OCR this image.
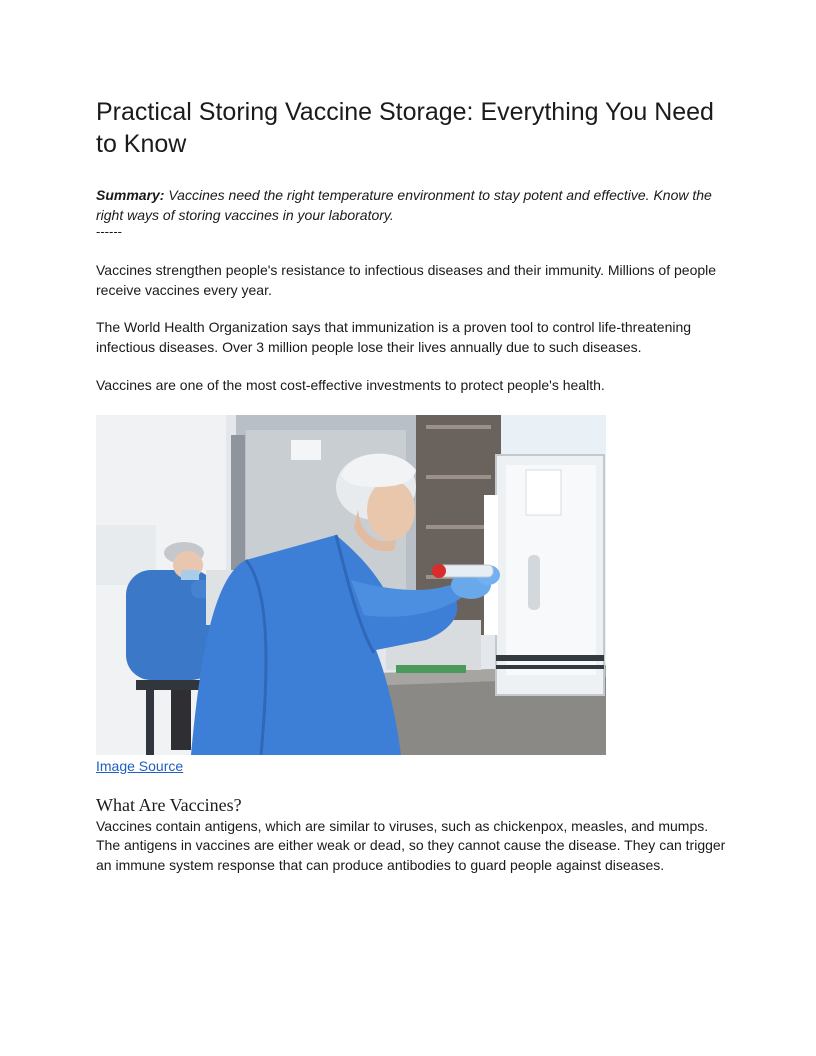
Practical Storing Vaccine Storage: Everything You Need to Know
Summary: Vaccines need the right temperature environment to stay potent and effective. Know the right ways of storing vaccines in your laboratory.
------

Vaccines strengthen people's resistance to infectious diseases and their immunity. Millions of people receive vaccines every year.

The World Health Organization says that immunization is a proven tool to control life-threatening infectious diseases. Over 3 million people lose their lives annually due to such diseases.

Vaccines are one of the most cost-effective investments to protect people's health.

Image Source
What Are Vaccines?

Vaccines contain antigens, which are similar to viruses, such as chickenpox, measles, and mumps. The antigens in vaccines are either weak or dead, so they cannot cause the disease. They can trigger an immune system response that can produce antibodies to guard people against diseases.
